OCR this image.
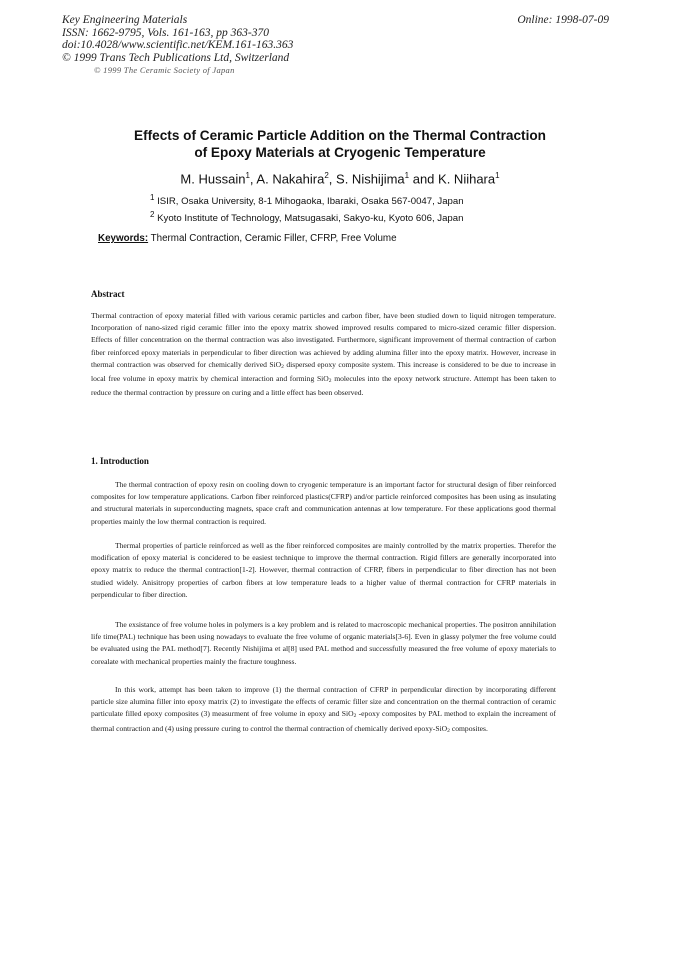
Key Engineering Materials
ISSN: 1662-9795, Vols. 161-163, pp 363-370
doi:10.4028/www.scientific.net/KEM.161-163.363
© 1999 Trans Tech Publications Ltd, Switzerland
Online: 1998-07-09
© 1999 The Ceramic Society of Japan
Effects of Ceramic Particle Addition on the Thermal Contraction
of Epoxy Materials at Cryogenic Temperature
M. Hussain$^1$, A. Nakahira$^2$, S. Nishijima$^1$ and K. Niihara$^1$
$^1$ ISIR, Osaka University, 8-1 Mihogaoka, Ibaraki, Osaka 567-0047, Japan
$^2$ Kyoto Institute of Technology, Matsugasaki, Sakyo-ku, Kyoto 606, Japan
Keywords: Thermal Contraction, Ceramic Filler, CFRP, Free Volume
Abstract

Thermal contraction of epoxy material filled with various ceramic particles and carbon fiber, have been studied down to liquid nitrogen temperature. Incorporation of nano-sized rigid ceramic filler into the epoxy matrix showed improved results compared to micro-sized ceramic filler dispersion. Effects of filler concentration on the thermal contraction was also investigated. Furthermore, significant improvement of thermal contraction of carbon fiber reinforced epoxy materials in perpendicular to fiber direction was achieved by adding alumina filler into the epoxy matrix. However, increase in thermal contraction was observed for chemically derived SiO$_2$ dispersed epoxy composite system. This increase is considered to be due to increase in local free volume in epoxy matrix by chemical interaction and forming SiO$_2$ molecules into the epoxy network structure. Attempt has been taken to reduce the thermal contraction by pressure on curing and a little effect has been observed.

1. Introduction

The thermal contraction of epoxy resin on cooling down to cryogenic temperature is an important factor for structural design of fiber reinforced composites for low temperature applications. Carbon fiber reinforced plastics(CFRP) and/or particle reinforced composites has been using as insulating and structural materials in superconducting magnets, space craft and communication antennas at low temperature. For these applications good thermal properties mainly the low thermal contraction is required.

Thermal properties of particle reinforced as well as the fiber reinforced composites are mainly controlled by the matrix properties. Therefor the modification of epoxy material is concidered to be easiest technique to improve the thermal contraction. Rigid fillers are generally incorporated into epoxy matrix to reduce the thermal contraction[1-2]. However, thermal contraction of CFRP, fibers in perpendicular to fiber direction has not been studied widely. Anisitropy properties of carbon fibers at low temperature leads to a higher value of thermal contraction for CFRP materials in perpendicular to fiber direction.

The exsistance of free volume holes in polymers is a key problem and is related to macroscopic mechanical properties. The positron annihilation life time(PAL) technique has been using nowadays to evaluate the free volume of organic materials[3-6]. Even in glassy polymer the free volume could be evaluated using the PAL method[7]. Recently Nishijima et al[8] used PAL method and successfully measured the free volume of epoxy materials to corealate with mechanical properties mainly the fracture toughness.

In this work, attempt has been taken to improve (1) the thermal contraction of CFRP in perpendicular direction by incorporating different particle size alumina filler into epoxy matrix (2) to investigate the effects of ceramic filler size and concentration on the thermal contraction of ceramic particulate filled epoxy composites (3) measurment of free volume in epoxy and SiO$_2$ -epoxy composites by PAL method to explain the increament of thermal contraction and (4) using pressure curing to control the thermal contraction of chemically derived epoxy-SiO$_2$ composites.
